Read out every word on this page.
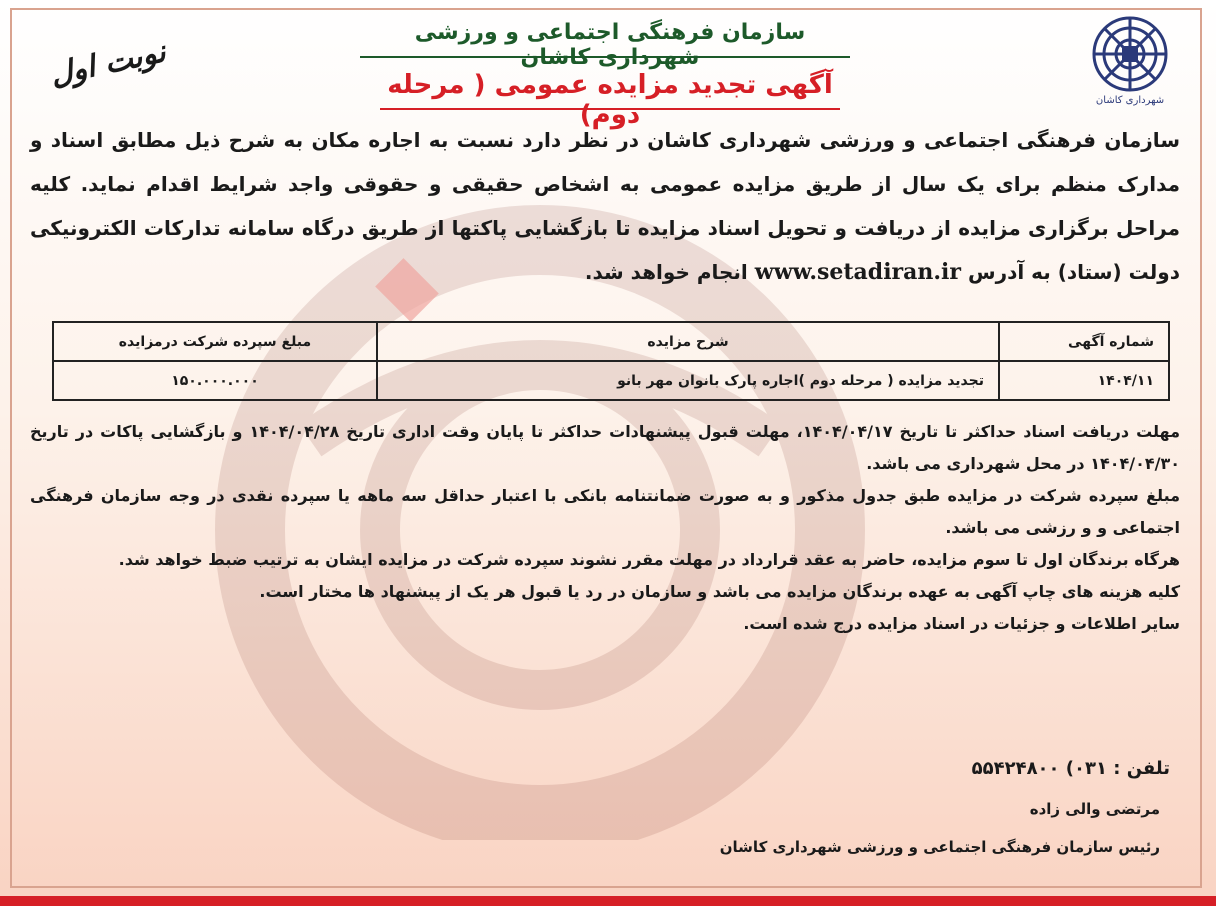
شهرداری کاشان
نوبت اول
سازمان فرهنگی اجتماعی و ورزشی شهرداری کاشان
آگهی تجدید مزایده عمومی ( مرحله دوم)

سازمان فرهنگی اجتماعی و ورزشی شهرداری کاشان در نظر دارد نسبت به اجاره مکان به شرح ذیل مطابق اسناد و مدارک منظم برای یک سال از طریق مزایده عمومی به اشخاص حقیقی و حقوقی واجد شرایط اقدام نماید. کلیه مراحل برگزاری مزایده از دریافت و تحویل اسناد مزایده تا بازگشایی پاکتها از طریق درگاه سامانه تدارکات الکترونیکی دولت (ستاد) به آدرس www.setadiran.ir انجام خواهد شد.

شماره آگهی	شرح مزایده	مبلغ سپرده شرکت درمزایده
۱۴۰۴/۱۱	تجدید مزایده ( مرحله دوم )اجاره پارک بانوان مهر بانو	۱۵۰.۰۰۰.۰۰۰
مهلت دریافت اسناد حداکثر تا تاریخ ۱۴۰۴/۰۴/۱۷، مهلت قبول پیشنهادات حداکثر تا پایان وقت اداری تاریخ ۱۴۰۴/۰۴/۲۸ و بازگشایی پاکات در تاریخ ۱۴۰۴/۰۴/۳۰ در محل شهرداری می باشد.
مبلغ سپرده شرکت در مزایده طبق جدول مذکور و به صورت ضمانتنامه بانکی با اعتبار حداقل سه ماهه یا سپرده نقدی در وجه سازمان فرهنگی اجتماعی و و رزشی می باشد.
هرگاه برندگان اول تا سوم مزایده، حاضر به عقد قرارداد در مهلت مقرر نشوند سپرده شرکت در مزایده ایشان به ترتیب ضبط خواهد شد.
کلیه هزینه های چاپ آگهی به عهده برندگان مزایده می باشد و سازمان در رد یا قبول هر یک از پیشنهاد ها مختار است.
سایر اطلاعات و جزئیات در اسناد مزایده درج شده است.
تلفن : ۰۳۱) ۵۵۴۲۴۸۰۰
مرتضی والی زاده
رئیس سازمان فرهنگی اجتماعی و ورزشی شهرداری کاشان
